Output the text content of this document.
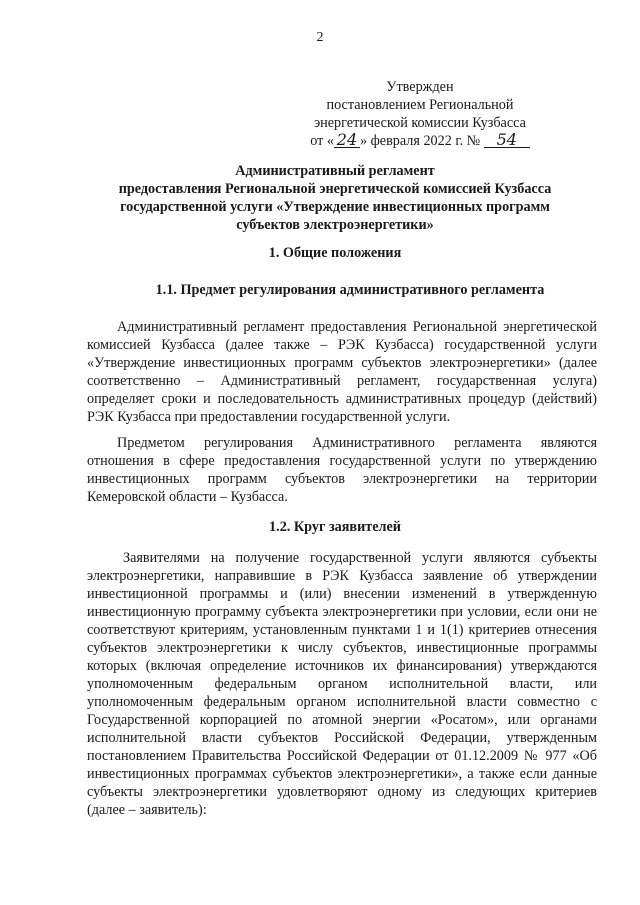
2
Утвержден
постановлением Региональной
энергетической комиссии Кузбасса
от « 24 » февраля 2022 г. № 54
Административный регламент
предоставления Региональной энергетической комиссией Кузбасса
государственной услуги «Утверждение инвестиционных программ
субъектов электроэнергетики»
1. Общие положения
1.1. Предмет регулирования административного регламента

Административный регламент предоставления Региональной энергетической комиссией Кузбасса (далее также – РЭК Кузбасса) государственной услуги «Утверждение инвестиционных программ субъектов электроэнергетики» (далее соответственно – Административный регламент, государственная услуга) определяет сроки и последовательность административных процедур (действий) РЭК Кузбасса при предоставлении государственной услуги.

Предметом регулирования Административного регламента являются отношения в сфере предоставления государственной услуги по утверждению инвестиционных программ субъектов электроэнергетики на территории Кемеровской области – Кузбасса.

1.2. Круг заявителей

Заявителями на получение государственной услуги являются субъекты электроэнергетики, направившие в РЭК Кузбасса заявление об утверждении инвестиционной программы и (или) внесении изменений в утвержденную инвестиционную программу субъекта электроэнергетики при условии, если они не соответствуют критериям, установленным пунктами 1 и 1(1) критериев отнесения субъектов электроэнергетики к числу субъектов, инвестиционные программы которых (включая определение источников их финансирования) утверждаются уполномоченным федеральным органом исполнительной власти, или уполномоченным федеральным органом исполнительной власти совместно с Государственной корпорацией по атомной энергии «Росатом», или органами исполнительной власти субъектов Российской Федерации, утвержденным постановлением Правительства Российской Федерации от 01.12.2009 № 977 «Об инвестиционных программах субъектов электроэнергетики», а также если данные субъекты электроэнергетики удовлетворяют одному из следующих критериев (далее – заявитель):
